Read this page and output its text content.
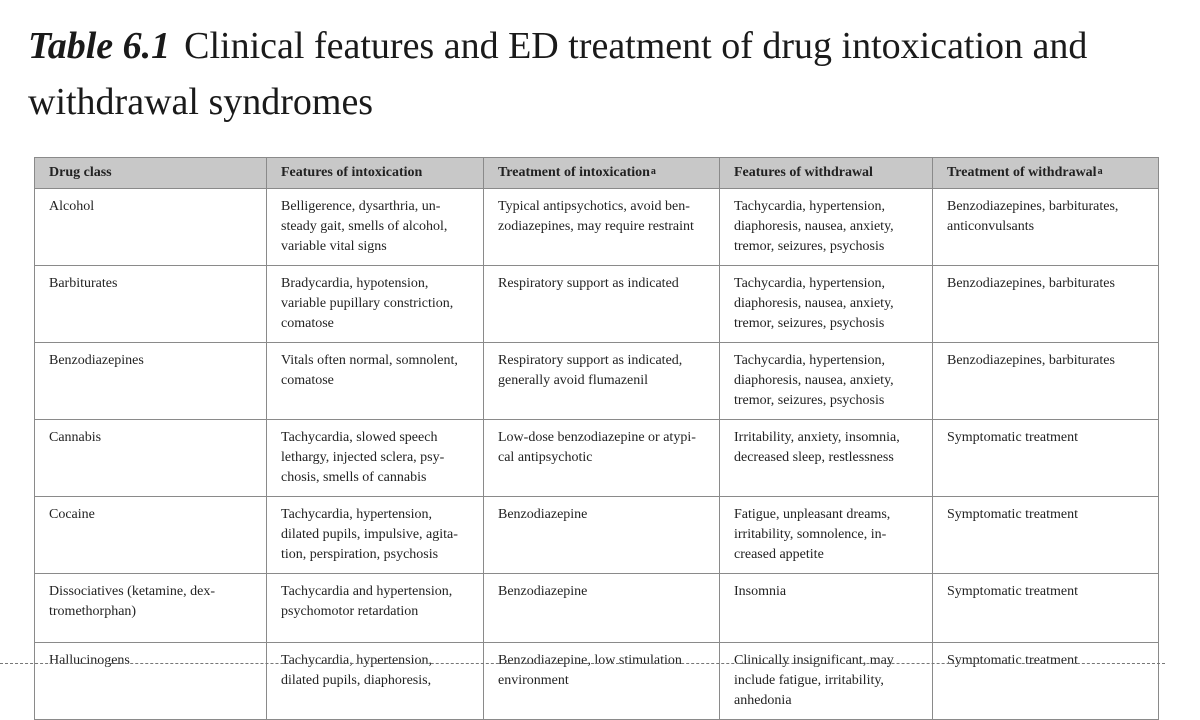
Table 6.1 Clinical features and ED treatment of drug intoxication and withdrawal syndromes
Drug class	Features of intoxication	Treatment of intoxication$^a$	Features of withdrawal	Treatment of withdrawal$^a$
Alcohol	Belligerence, dysarthria, un-steady gait, smells of alcohol, variable vital signs	Typical antipsychotics, avoid ben-zodiazepines, may require restraint	Tachycardia, hypertension, diaphoresis, nausea, anxiety, tremor, seizures, psychosis	Benzodiazepines, barbiturates, anticonvulsants
Barbiturates	Bradycardia, hypotension, variable pupillary constriction, comatose	Respiratory support as indicated	Tachycardia, hypertension, diaphoresis, nausea, anxiety, tremor, seizures, psychosis	Benzodiazepines, barbiturates
Benzodiazepines	Vitals often normal, somnolent, comatose	Respiratory support as indicated, generally avoid flumazenil	Tachycardia, hypertension, diaphoresis, nausea, anxiety, tremor, seizures, psychosis	Benzodiazepines, barbiturates
Cannabis	Tachycardia, slowed speech lethargy, injected sclera, psy-chosis, smells of cannabis	Low-dose benzodiazepine or atypi-cal antipsychotic	Irritability, anxiety, insomnia, decreased sleep, restlessness	Symptomatic treatment
Cocaine	Tachycardia, hypertension, dilated pupils, impulsive, agita-tion, perspiration, psychosis	Benzodiazepine	Fatigue, unpleasant dreams, irritability, somnolence, in-creased appetite	Symptomatic treatment
Dissociatives (ketamine, dex-tromethorphan)	Tachycardia and hypertension, psychomotor retardation	Benzodiazepine	Insomnia	Symptomatic treatment
Hallucinogens	Tachycardia, hypertension, dilated pupils, diaphoresis,	Benzodiazepine, low stimulation environment	Clinically insignificant, may include fatigue, irritability, anhedonia	Symptomatic treatment
